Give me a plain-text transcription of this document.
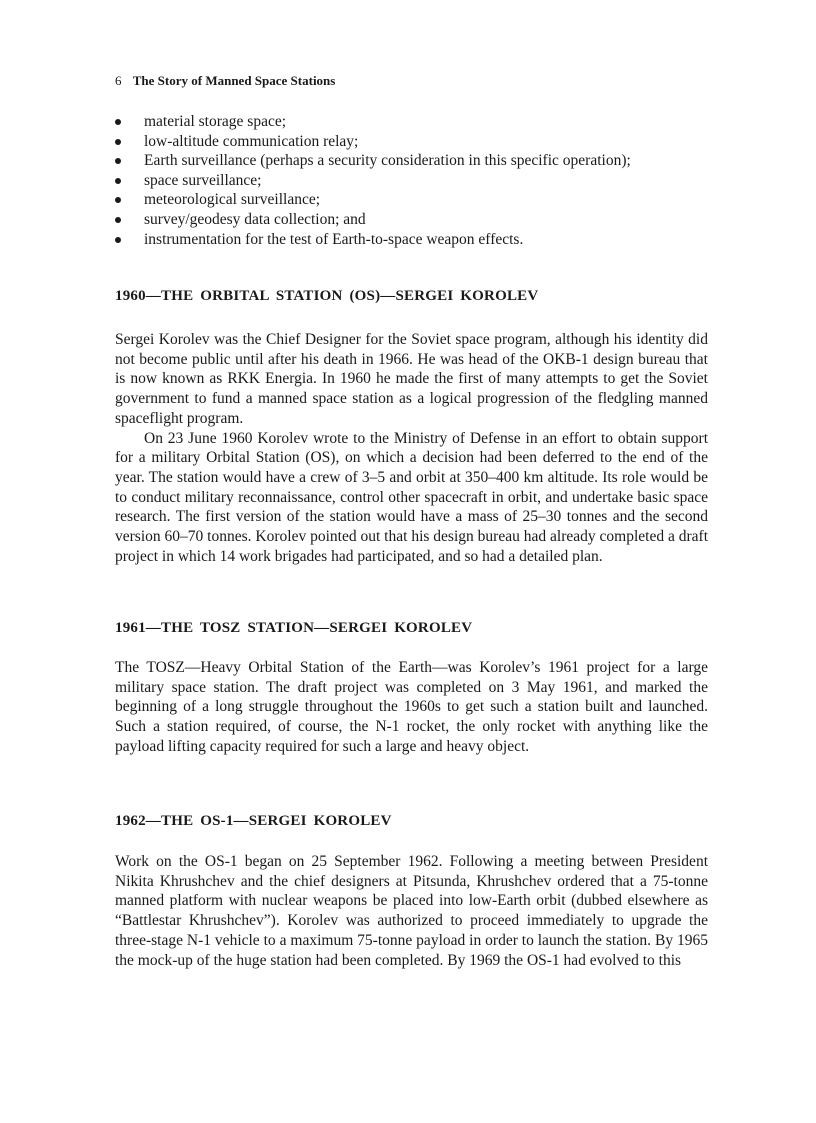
6 The Story of Manned Space Stations
material storage space;
low-altitude communication relay;
Earth surveillance (perhaps a security consideration in this specific operation);
space surveillance;
meteorological surveillance;
survey/geodesy data collection; and
instrumentation for the test of Earth-to-space weapon effects.
1960—THE ORBITAL STATION (OS)—SERGEI KOROLEV

Sergei Korolev was the Chief Designer for the Soviet space program, although his identity did not become public until after his death in 1966. He was head of the OKB-1 design bureau that is now known as RKK Energia. In 1960 he made the first of many attempts to get the Soviet government to fund a manned space station as a logical progression of the fledgling manned spaceflight program.

On 23 June 1960 Korolev wrote to the Ministry of Defense in an effort to obtain support for a military Orbital Station (OS), on which a decision had been deferred to the end of the year. The station would have a crew of 3–5 and orbit at 350–400 km altitude. Its role would be to conduct military reconnaissance, control other spacecraft in orbit, and undertake basic space research. The first version of the station would have a mass of 25–30 tonnes and the second version 60–70 tonnes. Korolev pointed out that his design bureau had already completed a draft project in which 14 work brigades had participated, and so had a detailed plan.

1961—THE TOSZ STATION—SERGEI KOROLEV

The TOSZ—Heavy Orbital Station of the Earth—was Korolev’s 1961 project for a large military space station. The draft project was completed on 3 May 1961, and marked the beginning of a long struggle throughout the 1960s to get such a station built and launched. Such a station required, of course, the N-1 rocket, the only rocket with anything like the payload lifting capacity required for such a large and heavy object.

1962—THE OS-1—SERGEI KOROLEV

Work on the OS-1 began on 25 September 1962. Following a meeting between President Nikita Khrushchev and the chief designers at Pitsunda, Khrushchev ordered that a 75-tonne manned platform with nuclear weapons be placed into low-Earth orbit (dubbed elsewhere as “Battlestar Khrushchev”). Korolev was authorized to proceed immediately to upgrade the three-stage N-1 vehicle to a maximum 75-tonne payload in order to launch the station. By 1965 the mock-up of the huge station had been completed. By 1969 the OS-1 had evolved to this
